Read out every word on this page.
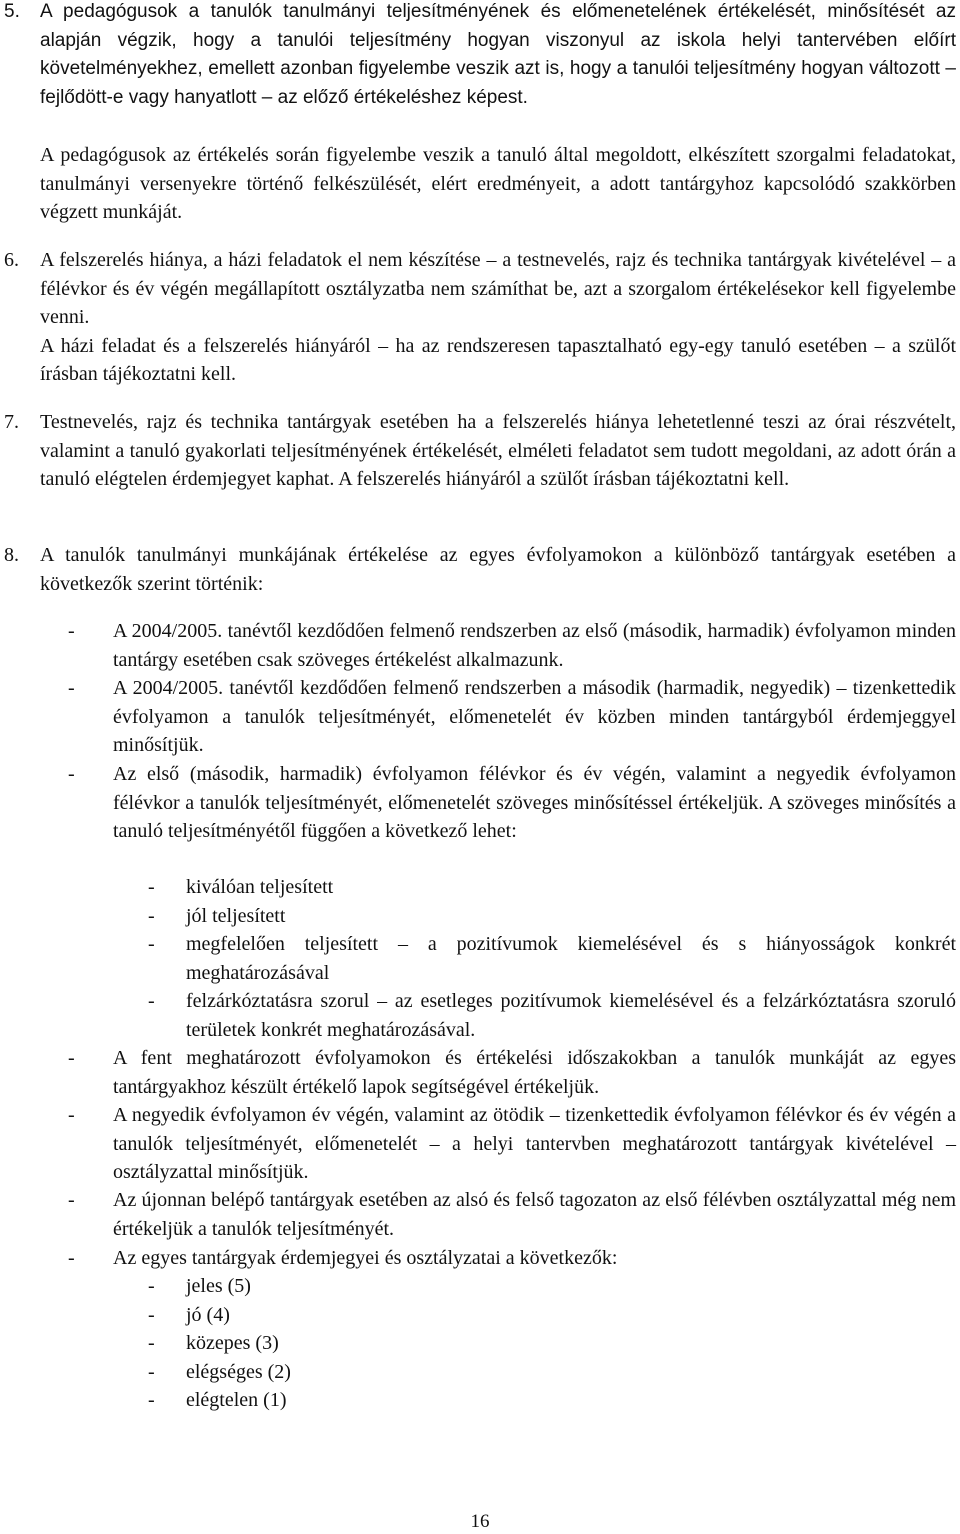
5. A pedagógusok a tanulók tanulmányi teljesítményének és előmenetelének értékelését, minősítését az alapján végzik, hogy a tanulói teljesítmény hogyan viszonyul az iskola helyi tantervében előírt követelményekhez, emellett azonban figyelembe veszik azt is, hogy a tanulói teljesítmény hogyan változott – fejlődött-e vagy hanyatlott – az előző értékeléshez képest.

A pedagógusok az értékelés során figyelembe veszik a tanuló által megoldott, elkészített szorgalmi feladatokat, tanulmányi versenyekre történő felkészülését, elért eredményeit, a adott tantárgyhoz kapcsolódó szakkörben végzett munkáját.

6. A felszerelés hiánya, a házi feladatok el nem készítése – a testnevelés, rajz és technika tantárgyak kivételével – a félévkor és év végén megállapított osztályzatba nem számíthat be, azt a szorgalom értékelésekor kell figyelembe venni.

A házi feladat és a felszerelés hiányáról – ha az rendszeresen tapasztalható egy-egy tanuló esetében – a szülőt írásban tájékoztatni kell.

7. Testnevelés, rajz és technika tantárgyak esetében ha a felszerelés hiánya lehetetlenné teszi az órai részvételt, valamint a tanuló gyakorlati teljesítményének értékelését, elméleti feladatot sem tudott megoldani, az adott órán a tanuló elégtelen érdemjegyet kaphat. A felszerelés hiányáról a szülőt írásban tájékoztatni kell.

8. A tanulók tanulmányi munkájának értékelése az egyes évfolyamokon a különböző tantárgyak esetében a következők szerint történik:

- A 2004/2005. tanévtől kezdődően felmenő rendszerben az első (második, harmadik) évfolyamon minden tantárgy esetében csak szöveges értékelést alkalmazunk.

- A 2004/2005. tanévtől kezdődően felmenő rendszerben a második (harmadik, negyedik) – tizenkettedik évfolyamon a tanulók teljesítményét, előmenetelét év közben minden tantárgyból érdemjeggyel minősítjük.

- Az első (második, harmadik) évfolyamon félévkor és év végén, valamint a negyedik évfolyamon félévkor a tanulók teljesítményét, előmenetelét szöveges minősítéssel értékeljük. A szöveges minősítés a tanuló teljesítményétől függően a következő lehet:

- kiválóan teljesített

- jól teljesített

- megfelelően teljesített – a pozitívumok kiemelésével és s hiányosságok konkrét meghatározásával

- felzárkóztatásra szorul – az esetleges pozitívumok kiemelésével és a felzárkóztatásra szoruló területek konkrét meghatározásával.

- A fent meghatározott évfolyamokon és értékelési időszakokban a tanulók munkáját az egyes tantárgyakhoz készült értékelő lapok segítségével értékeljük.

- A negyedik évfolyamon év végén, valamint az ötödik – tizenkettedik évfolyamon félévkor és év végén a tanulók teljesítményét, előmenetelét – a helyi tantervben meghatározott tantárgyak kivételével – osztályzattal minősítjük.

- Az újonnan belépő tantárgyak esetében az alsó és felső tagozaton az első félévben osztályzattal még nem értékeljük a tanulók teljesítményét.

- Az egyes tantárgyak érdemjegyei és osztályzatai a következők:

- jeles (5)

- jó (4)

- közepes (3)

- elégséges (2)

- elégtelen (1)

16
